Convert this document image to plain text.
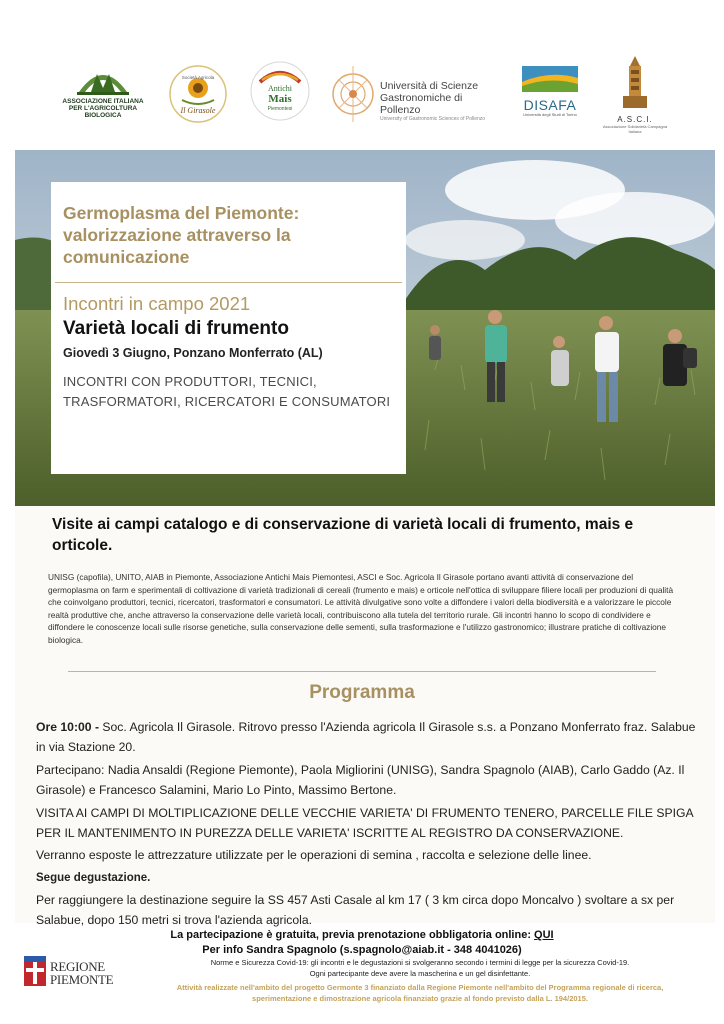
ASSOCIAZIONE ITALIANA PER L'AGRICOLTURA BIOLOGICA
Società Agricola
Il Girasole
Antichi
Mais
Piemontesi
Università di Scienze
Gastronomiche di Pollenzo
University of Gastronomic Sciences of Pollenzo
DISAFA
Università degli Studi di Torino
A.S.C.I.
Associazione Solidarietà Campagna Italiana
Germoplasma del Piemonte: valorizzazione attraverso la comunicazione
Incontri in campo 2021
Varietà locali di frumento
Giovedì 3 Giugno, Ponzano Monferrato (AL)
INCONTRI CON PRODUTTORI, TECNICI, TRASFORMATORI, RICERCATORI E CONSUMATORI
Visite ai campi catalogo e di conservazione di varietà locali di frumento, mais e orticole.
UNISG (capofila), UNITO, AIAB in Piemonte, Associazione Antichi Mais Piemontesi, ASCI e Soc. Agricola Il Girasole portano avanti attività di conservazione del germoplasma on farm e sperimentali di coltivazione di varietà tradizionali di cereali (frumento e mais) e orticole nell'ottica di sviluppare filiere locali per produzioni di qualità che coinvolgano produttori, tecnici, ricercatori, trasformatori e consumatori. Le attività divulgative sono volte a diffondere i valori della biodiversità e a valorizzare le piccole realtà produttive che, anche attraverso la conservazione delle varietà locali, contribuiscono alla tutela del territorio rurale. Gli incontri hanno lo scopo di condividere e diffondere le conoscenze locali sulle risorse genetiche, sulla conservazione delle sementi, sulla trasformazione e l'utilizzo gastronomico; illustrare pratiche di coltivazione biologica.
Programma
Ore 10:00 - Soc. Agricola Il Girasole. Ritrovo presso l'Azienda agricola Il Girasole s.s. a Ponzano Monferrato fraz. Salabue in via Stazione 20.
Partecipano: Nadia Ansaldi (Regione Piemonte), Paola Migliorini (UNISG), Sandra Spagnolo (AIAB), Carlo Gaddo (Az. Il Girasole) e Francesco Salamini, Mario Lo Pinto, Massimo Bertone.
VISITA AI CAMPI DI MOLTIPLICAZIONE DELLE VECCHIE VARIETA' DI FRUMENTO TENERO, PARCELLE FILE SPIGA PER IL MANTENIMENTO IN PUREZZA DELLE VARIETA' ISCRITTE AL REGISTRO DA CONSERVAZIONE.
Verranno esposte le attrezzature utilizzate per le operazioni di semina , raccolta e selezione delle linee.
Segue degustazione.
Per raggiungere la destinazione seguire la SS 457 Asti Casale al km 17 ( 3 km circa dopo Moncalvo ) svoltare a sx per Salabue, dopo 150 metri si trova l'azienda agricola.
La partecipazione è gratuita, previa prenotazione obbligatoria online: QUI
Per info Sandra Spagnolo (s.spagnolo@aiab.it - 348 4041026)
Norme e Sicurezza Covid-19: gli incontri e le degustazioni si svolgeranno secondo i termini di legge per la sicurezza Covid-19.
Ogni partecipante deve avere la mascherina e un gel disinfettante.
Attività realizzate nell'ambito del progetto Germonte 3 finanziato dalla Regione Piemonte nell'ambito del Programma regionale di ricerca,
sperimentazione e dimostrazione agricola finanziato grazie al fondo previsto dalla L. 194/2015.
REGIONE
PIEMONTE
